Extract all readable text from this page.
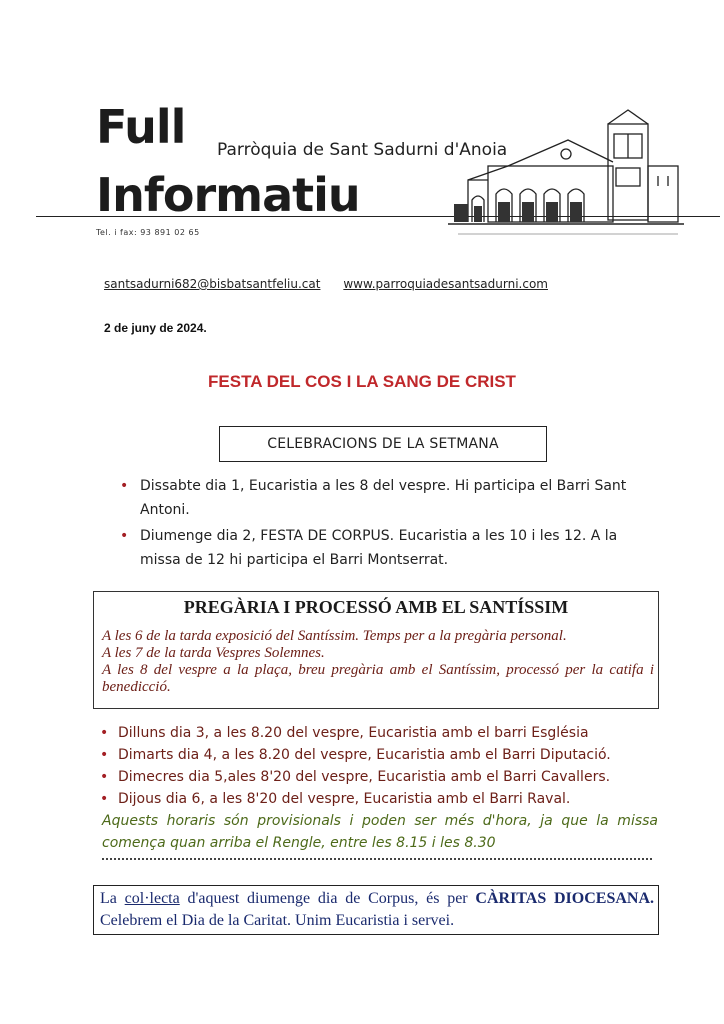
Full
Informatiu
Parròquia de Sant Sadurni d'Anoia
Tel. i fax: 93 891 02 65
santsadurni682@bisbatsantfeliu.cat www.parroquiadesantsadurni.com
2 de juny de 2024.
FESTA DEL COS I LA SANG DE CRIST
CELEBRACIONS DE LA SETMANA
• Dissabte dia 1, Eucaristia a les 8 del vespre. Hi participa el Barri Sant Antoni.
• Diumenge dia 2, FESTA DE CORPUS. Eucaristia a les 10 i les 12. A la missa de 12 hi participa el Barri Montserrat.
PREGÀRIA I PROCESSÓ AMB EL SANTÍSSIM
A les 6 de la tarda exposició del Santíssim. Temps per a la pregària personal.
A les 7 de la tarda Vespres Solemnes.
A les 8 del vespre a la plaça, breu pregària amb el Santíssim, processó per la catifa i benedicció.
• Dilluns dia 3, a les 8.20 del vespre, Eucaristia amb el barri Església
• Dimarts dia 4, a les 8.20 del vespre, Eucaristia amb el Barri Diputació.
• Dimecres dia 5,ales 8'20 del vespre, Eucaristia amb el Barri Cavallers.
• Dijous dia 6, a les 8'20 del vespre, Eucaristia amb el Barri Raval.
Aquests horaris són provisionals i poden ser més d'hora, ja que la missa comença quan arriba el Rengle, entre les 8.15 i les 8.30
La col·lecta d'aquest diumenge dia de Corpus, és per CÀRITAS DIOCESANA. Celebrem el Dia de la Caritat. Unim Eucaristia i servei.
